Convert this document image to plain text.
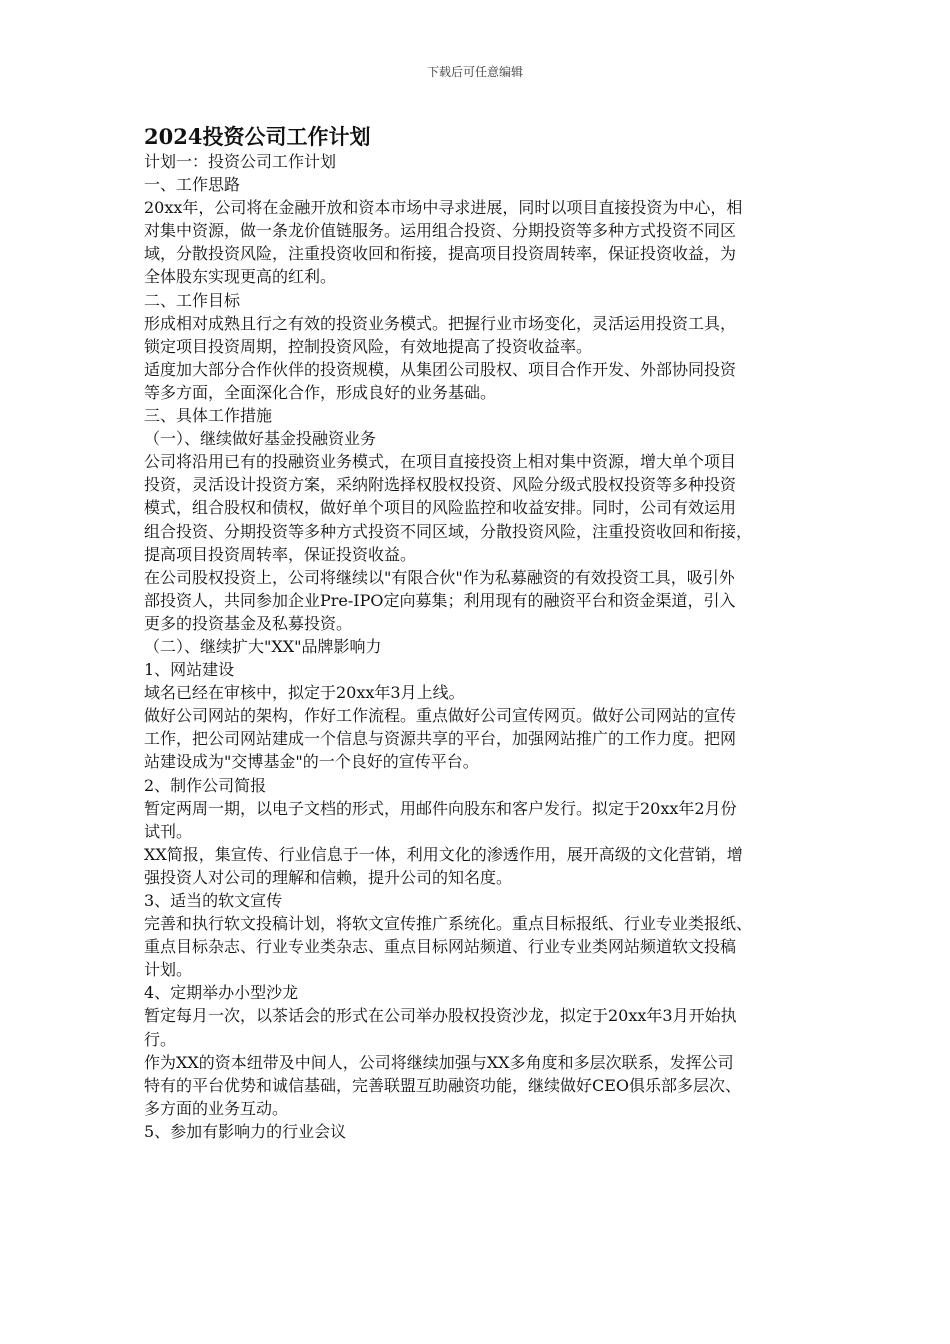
下载后可任意编辑
2024投资公司工作计划

计划一：投资公司工作计划

一、工作思路

20xx年，公司将在金融开放和资本市场中寻求进展，同时以项目直接投资为中心，相

对集中资源，做一条龙价值链服务。运用组合投资、分期投资等多种方式投资不同区

域，分散投资风险，注重投资收回和衔接，提高项目投资周转率，保证投资收益，为

全体股东实现更高的红利。

二、工作目标

形成相对成熟且行之有效的投资业务模式。把握行业市场变化，灵活运用投资工具，

锁定项目投资周期，控制投资风险，有效地提高了投资收益率。

适度加大部分合作伙伴的投资规模，从集团公司股权、项目合作开发、外部协同投资

等多方面，全面深化合作，形成良好的业务基础。

三、具体工作措施

（一）、继续做好基金投融资业务

公司将沿用已有的投融资业务模式，在项目直接投资上相对集中资源，增大单个项目

投资，灵活设计投资方案，采纳附选择权股权投资、风险分级式股权投资等多种投资

模式，组合股权和债权，做好单个项目的风险监控和收益安排。同时，公司有效运用

组合投资、分期投资等多种方式投资不同区域，分散投资风险，注重投资收回和衔接，

提高项目投资周转率，保证投资收益。

在公司股权投资上，公司将继续以"有限合伙"作为私募融资的有效投资工具，吸引外

部投资人，共同参加企业Pre-IPO定向募集；利用现有的融资平台和资金渠道，引入

更多的投资基金及私募投资。

（二）、继续扩大"XX"品牌影响力

1、网站建设

域名已经在审核中，拟定于20xx年3月上线。

做好公司网站的架构，作好工作流程。重点做好公司宣传网页。做好公司网站的宣传

工作，把公司网站建成一个信息与资源共享的平台，加强网站推广的工作力度。把网

站建设成为"交博基金"的一个良好的宣传平台。

2、制作公司简报

暂定两周一期，以电子文档的形式，用邮件向股东和客户发行。拟定于20xx年2月份

试刊。

XX简报，集宣传、行业信息于一体，利用文化的渗透作用，展开高级的文化营销，增

强投资人对公司的理解和信赖，提升公司的知名度。

3、适当的软文宣传

完善和执行软文投稿计划，将软文宣传推广系统化。重点目标报纸、行业专业类报纸、

重点目标杂志、行业专业类杂志、重点目标网站频道、行业专业类网站频道软文投稿

计划。

4、定期举办小型沙龙

暂定每月一次，以茶话会的形式在公司举办股权投资沙龙，拟定于20xx年3月开始执

行。

作为XX的资本纽带及中间人，公司将继续加强与XX多角度和多层次联系，发挥公司

特有的平台优势和诚信基础，完善联盟互助融资功能，继续做好CEO俱乐部多层次、

多方面的业务互动。

5、参加有影响力的行业会议
